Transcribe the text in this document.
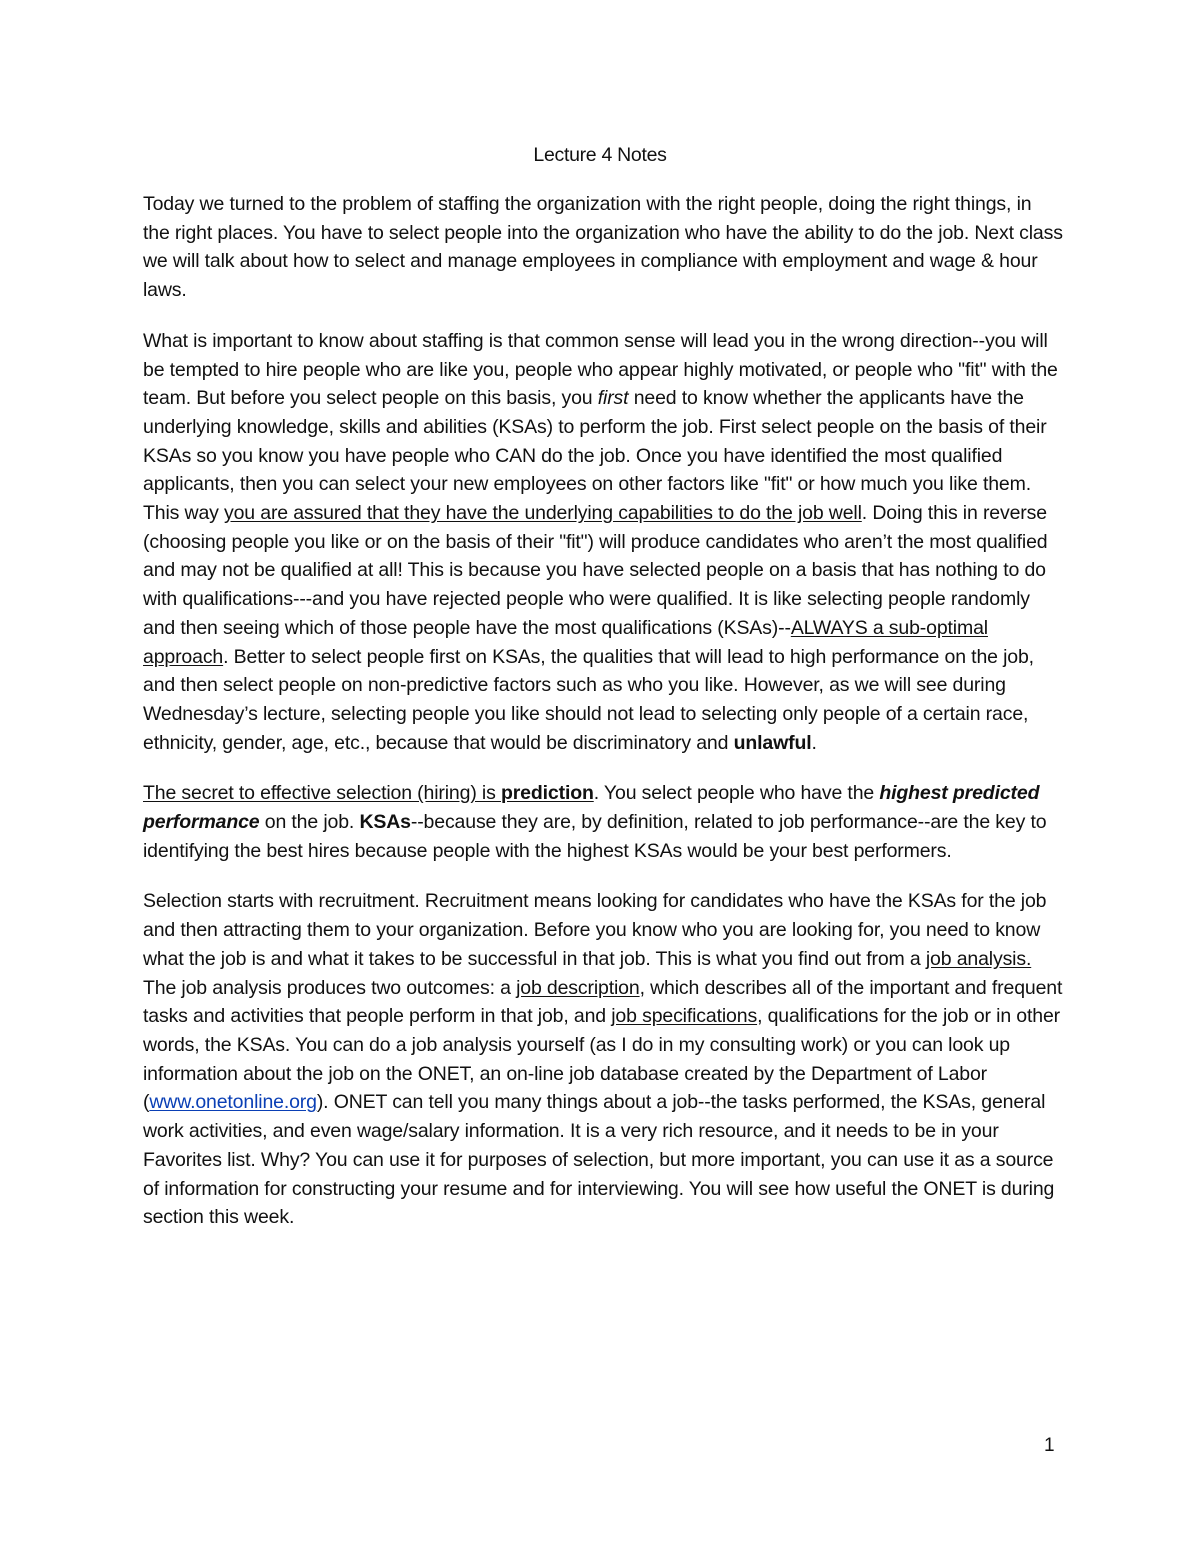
Lecture 4 Notes

Today we turned to the problem of staffing the organization with the right people, doing the right things, in the right places. You have to select people into the organization who have the ability to do the job. Next class we will talk about how to select and manage employees in compliance with employment and wage & hour laws.

What is important to know about staffing is that common sense will lead you in the wrong direction--you will be tempted to hire people who are like you, people who appear highly motivated, or people who "fit" with the team. But before you select people on this basis, you first need to know whether the applicants have the underlying knowledge, skills and abilities (KSAs) to perform the job. First select people on the basis of their KSAs so you know you have people who CAN do the job. Once you have identified the most qualified applicants, then you can select your new employees on other factors like "fit" or how much you like them. This way you are assured that they have the underlying capabilities to do the job well. Doing this in reverse (choosing people you like or on the basis of their "fit") will produce candidates who aren’t the most qualified and may not be qualified at all! This is because you have selected people on a basis that has nothing to do with qualifications---and you have rejected people who were qualified. It is like selecting people randomly and then seeing which of those people have the most qualifications (KSAs)--ALWAYS a sub-optimal approach. Better to select people first on KSAs, the qualities that will lead to high performance on the job, and then select people on non-predictive factors such as who you like. However, as we will see during Wednesday’s lecture, selecting people you like should not lead to selecting only people of a certain race, ethnicity, gender, age, etc., because that would be discriminatory and unlawful.

The secret to effective selection (hiring) is prediction. You select people who have the highest predicted performance on the job. KSAs--because they are, by definition, related to job performance--are the key to identifying the best hires because people with the highest KSAs would be your best performers.

Selection starts with recruitment. Recruitment means looking for candidates who have the KSAs for the job and then attracting them to your organization. Before you know who you are looking for, you need to know what the job is and what it takes to be successful in that job. This is what you find out from a job analysis. The job analysis produces two outcomes: a job description, which describes all of the important and frequent tasks and activities that people perform in that job, and job specifications, qualifications for the job or in other words, the KSAs. You can do a job analysis yourself (as I do in my consulting work) or you can look up information about the job on the ONET, an on-line job database created by the Department of Labor (www.onetonline.org). ONET can tell you many things about a job--the tasks performed, the KSAs, general work activities, and even wage/salary information. It is a very rich resource, and it needs to be in your Favorites list. Why? You can use it for purposes of selection, but more important, you can use it as a source of information for constructing your resume and for interviewing. You will see how useful the ONET is during section this week.

1
